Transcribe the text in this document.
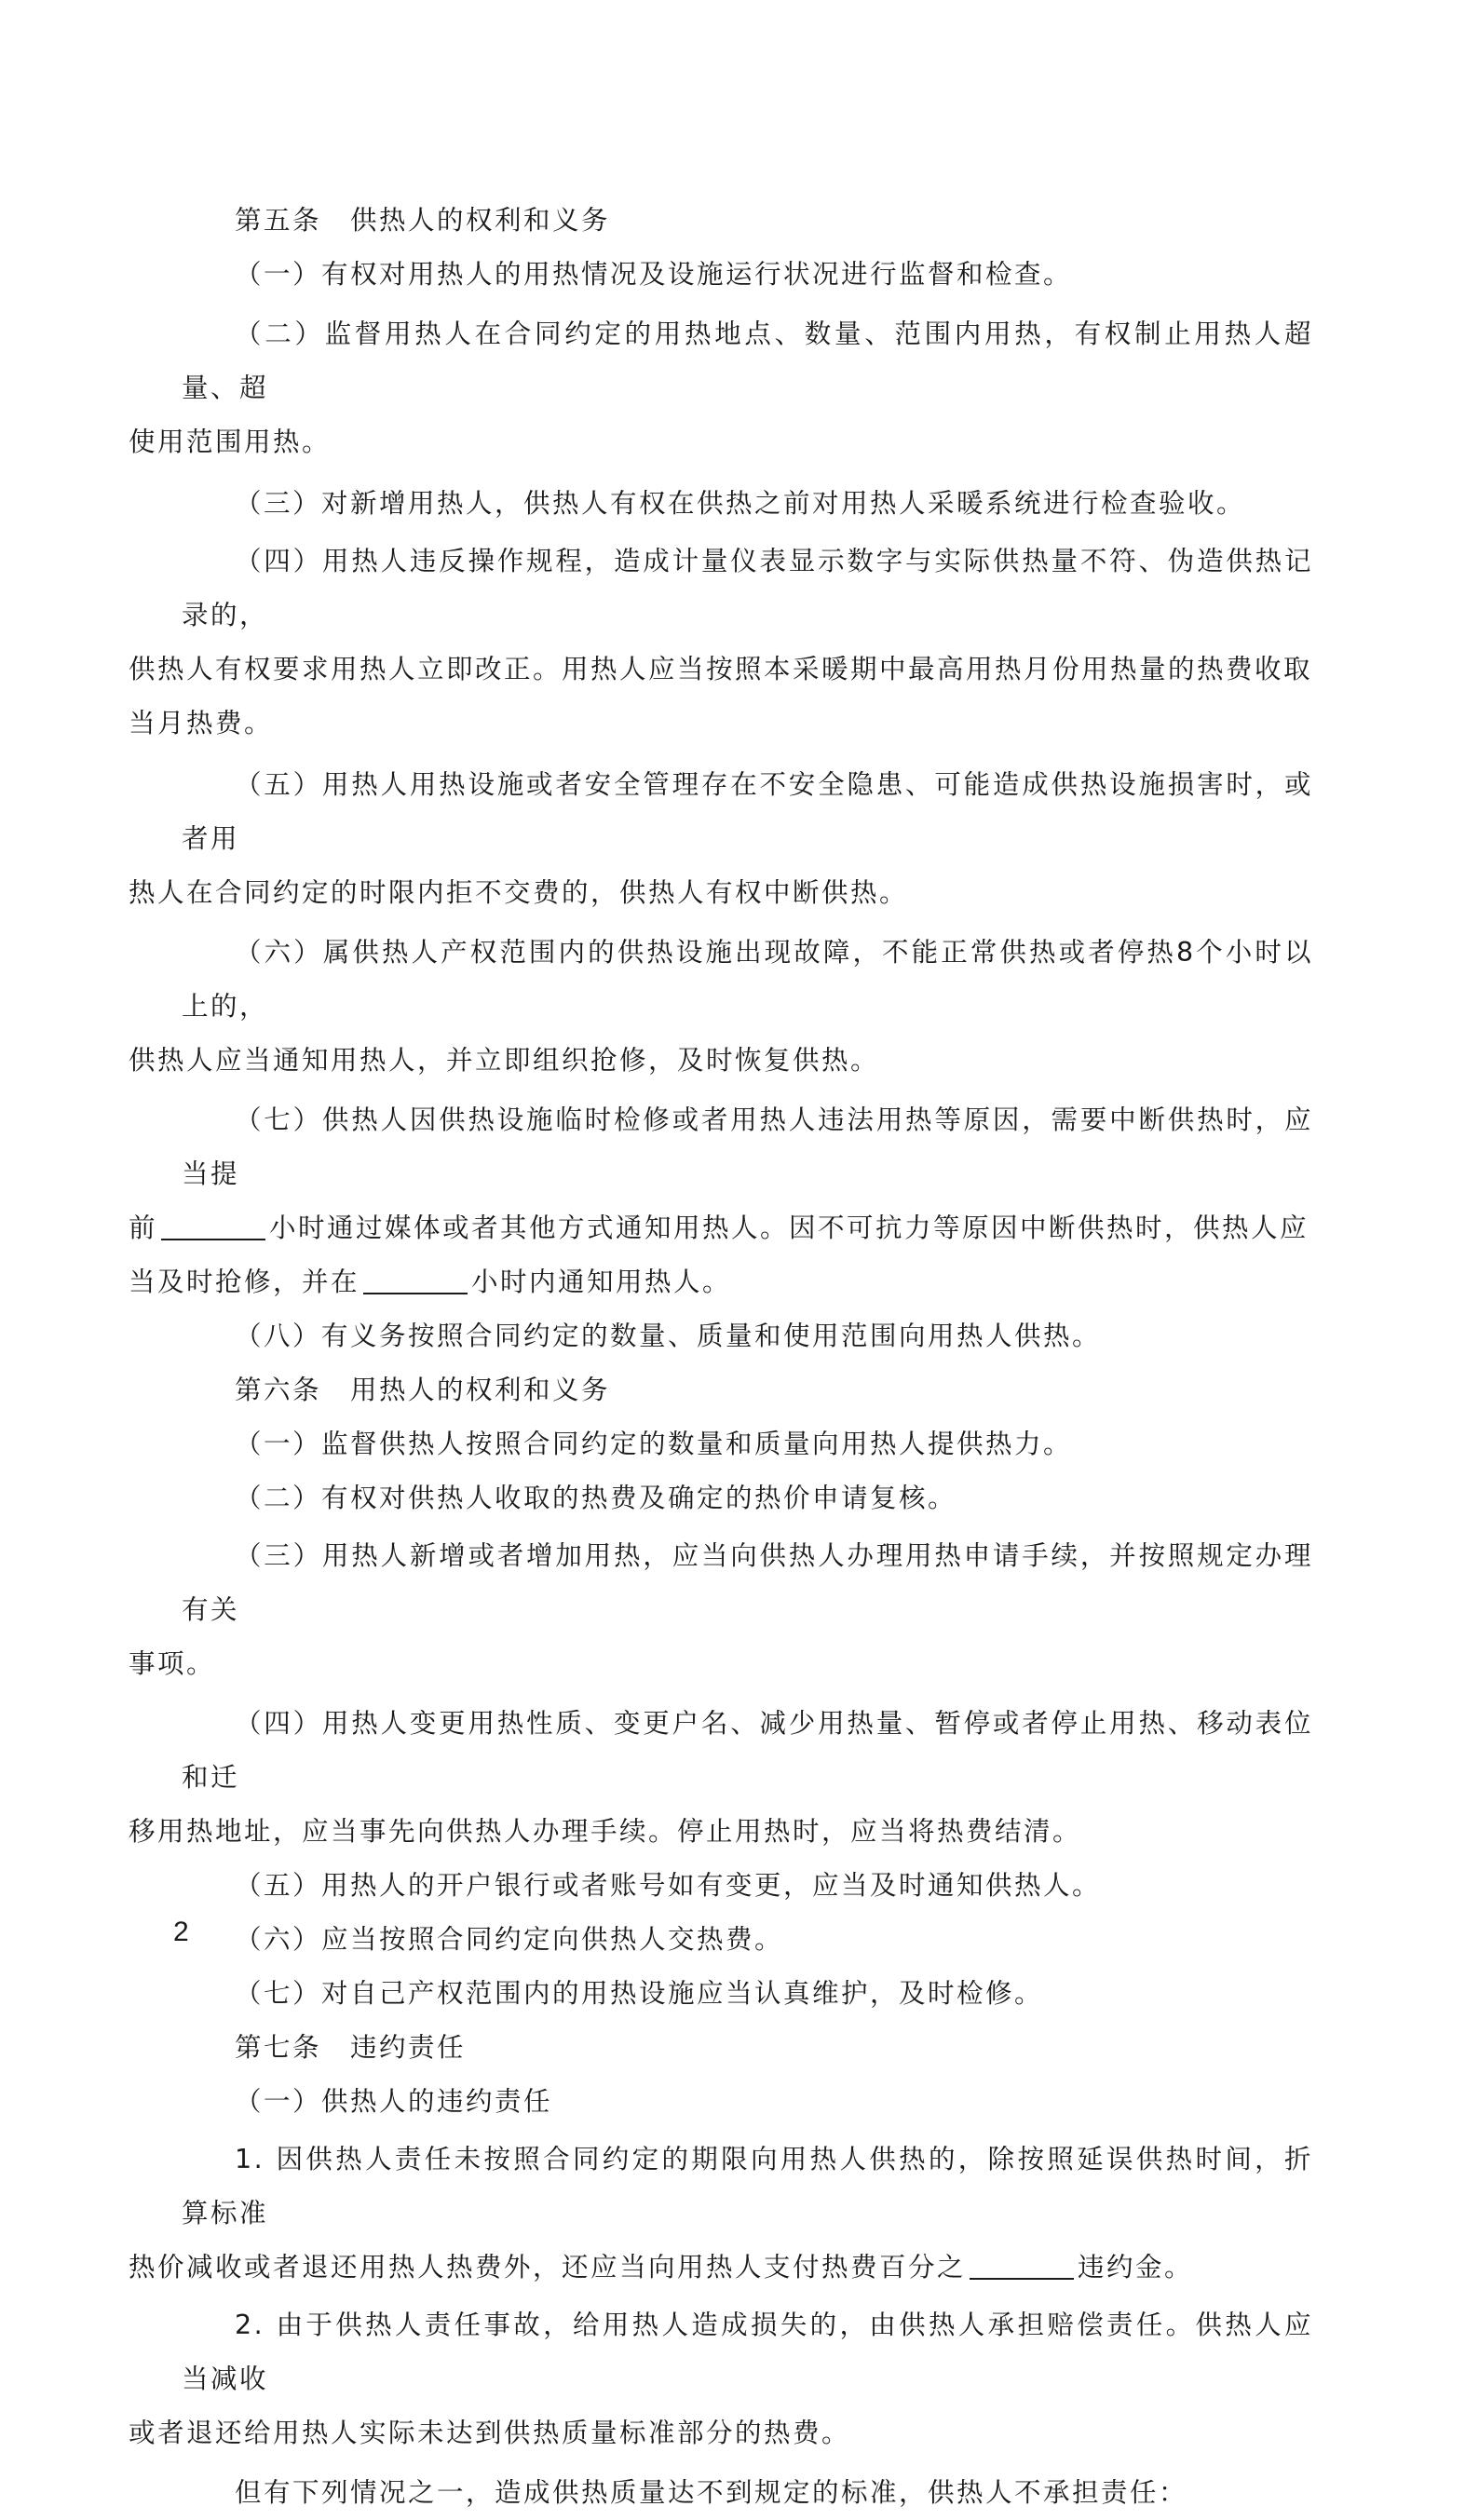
第五条　供热人的权利和义务
（一）有权对用热人的用热情况及设施运行状况进行监督和检查。
（二）监督用热人在合同约定的用热地点、数量、范围内用热，有权制止用热人超量、超
使用范围用热。
（三）对新增用热人，供热人有权在供热之前对用热人采暖系统进行检查验收。
（四）用热人违反操作规程，造成计量仪表显示数字与实际供热量不符、伪造供热记录的，
供热人有权要求用热人立即改正。用热人应当按照本采暖期中最高用热月份用热量的热费收取
当月热费。
（五）用热人用热设施或者安全管理存在不安全隐患、可能造成供热设施损害时，或者用
热人在合同约定的时限内拒不交费的，供热人有权中断供热。
（六）属供热人产权范围内的供热设施出现故障，不能正常供热或者停热8个小时以上的，
供热人应当通知用热人，并立即组织抢修，及时恢复供热。
（七）供热人因供热设施临时检修或者用热人违法用热等原因，需要中断供热时，应当提
前	小时通过媒体或者其他方式通知用热人。因不可抗力等原因中断供热时，供热人应
当及时抢修，并在	小时内通知用热人。
（八）有义务按照合同约定的数量、质量和使用范围向用热人供热。
第六条　用热人的权利和义务
（一）监督供热人按照合同约定的数量和质量向用热人提供热力。
（二）有权对供热人收取的热费及确定的热价申请复核。
（三）用热人新增或者增加用热，应当向供热人办理用热申请手续，并按照规定办理有关
事项。
（四）用热人变更用热性质、变更户名、减少用热量、暂停或者停止用热、移动表位和迁
移用热地址，应当事先向供热人办理手续。停止用热时，应当将热费结清。
（五）用热人的开户银行或者账号如有变更，应当及时通知供热人。
（六）应当按照合同约定向供热人交热费。
（七）对自己产权范围内的用热设施应当认真维护，及时检修。
第七条　违约责任
（一）供热人的违约责任
1. 因供热人责任未按照合同约定的期限向用热人供热的，除按照延误供热时间，折算标准
热价减收或者退还用热人热费外，还应当向用热人支付热费百分之	违约金。
2. 由于供热人责任事故，给用热人造成损失的，由供热人承担赔偿责任。供热人应当减收
或者退还给用热人实际未达到供热质量标准部分的热费。
但有下列情况之一，造成供热质量达不到规定的标准，供热人不承担责任：
2
